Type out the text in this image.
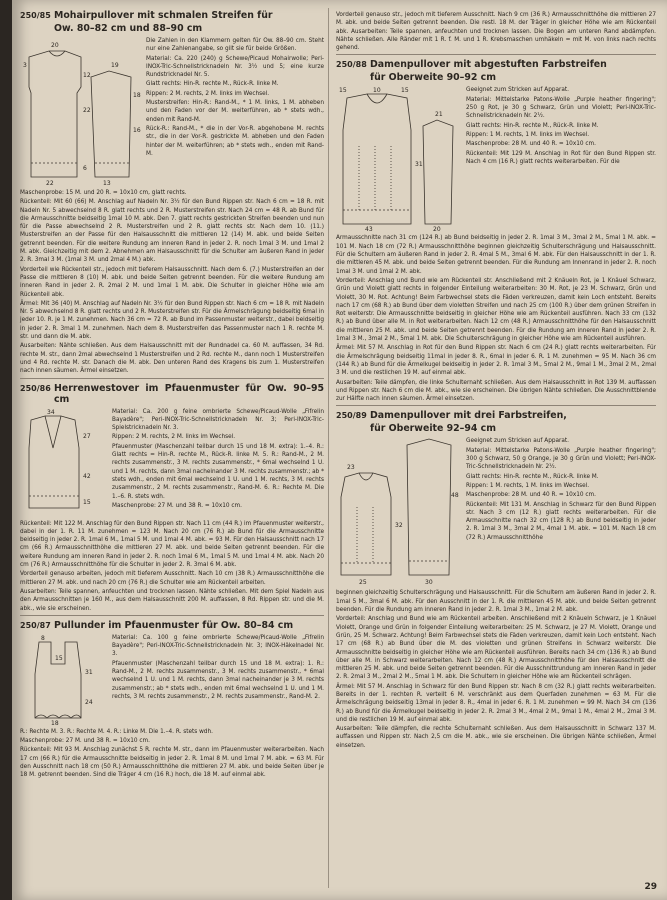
250/85 Mohairpullover mit schmalen Streifen für
Ow. 80–82 cm und 88–90 cm
20
19
12
22
6
3
18
16
13
22

Die Zahlen in den Klammern gelten für Ow. 88–90 cm. Steht nur eine Zahlenangabe, so gilt sie für beide Größen.

Material: Ca. 220 (240) g Schewe/Picaud Mohairwolle; Peri-INOX-Tric-Schnellstricknadeln Nr. 3½ und 5; eine kurze Rundstricknadel Nr. 5.

Glatt rechts: Hin-R. rechte M., Rück-R. linke M.

Rippen: 2 M. rechts, 2 M. links im Wechsel.

Musterstreifen: Hin-R.: Rand-M., * 1 M. links, 1 M. abheben und den Faden vor der M. weiterführen, ab * stets wdh., enden mit Rand-M.

Rück-R.: Rand-M., * die in der Vor-R. abgehobene M. rechts str., die in der Vor-R. gestrickte M. abheben und den Faden hinter der M. weiterführen; ab * stets wdh., enden mit Rand-M.

Maschenprobe: 15 M. und 20 R. = 10x10 cm, glatt rechts.

Rückenteil: Mit 60 (66) M. Anschlag auf Nadeln Nr. 3½ für den Bund Rippen str. Nach 6 cm = 18 R. mit Nadeln Nr. 5 abwechselnd 8 R. glatt rechts und 2 R. Musterstreifen str. Nach 24 cm = 48 R. ab Bund für die Armausschnitte beidseitig 1mal 10 M. abk. Den 7. glatt rechts gestrickten Streifen beenden und nun für die Passe abwechselnd 2 R. Musterstreifen und 2 R. glatt rechts str. Nach dem 10. (11.) Musterstreifen an der Passe für den Halsausschnitt die mittleren 12 (14) M. abk. und beide Seiten getrennt beenden. Für die weitere Rundung am inneren Rand in jeder 2. R. noch 1mal 3 M. und 1mal 2 M. abk. Gleichzeitig mit dem 2. Abnehmen am Halsausschnitt für die Schulter am äußeren Rand in jeder 2. R. 3mal 3 M. (1mal 3 M. und 2mal 4 M.) abk.

Vorderteil wie Rückenteil str., jedoch mit tieferem Halsausschnitt. Nach dem 6. (7.) Musterstreifen an der Passe die mittleren 8 (10) M. abk. und beide Seiten getrennt beenden. Für die weitere Rundung am inneren Rand in jeder 2. R. 2mal 2 M. und 1mal 1 M. abk. Die Schulter in gleicher Höhe wie am Rückenteil abk.

Ärmel: Mit 36 (40) M. Anschlag auf Nadeln Nr. 3½ für den Bund Rippen str. Nach 6 cm = 18 R. mit Nadeln Nr. 5 abwechselnd 8 R. glatt rechts und 2 R. Musterstreifen str. Für die Ärmelschrägung beidseitig 6mal in jeder 10. R. je 1 M. zunehmen. Nach 36 cm = 72 R. ab Bund im Passenmuster weiterstr., dabei beidseitig in jeder 2. R. 3mal 1 M. zunehmen. Nach dem 8. Musterstreifen das Passenmuster nach 1 R. rechte M. str. und dann die M. abk.

Ausarbeiten: Nähte schließen. Aus dem Halsausschnitt mit der Rundnadel ca. 60 M. auffassen, 34 Rd. rechte M. str., dann 2mal abwechselnd 1 Musterstreifen und 2 Rd. rechte M., dann noch 1 Musterstreifen und 4 Rd. rechte M. str. Danach die M. abk. Den unteren Rand des Kragens bis zum 1. Musterstreifen nach innen säumen. Ärmel einsetzen.

250/86 Herrenwestover im Pfauenmuster für Ow. 90–95 cm
34
27
42
15

Material: Ca. 200 g feine ombrierte Schewe/Picaud-Wolle „Fifrelin Bayadère"; Peri-INOX-Tric-Schnellstricknadeln Nr. 3; Peri-INOX-Tric-Spielstricknadeln Nr. 3.

Rippen: 2 M. rechts, 2 M. links im Wechsel.

Pfauenmuster (Maschenzahl teilbar durch 15 und 18 M. extra): 1.–4. R.: Glatt rechts = Hin-R. rechte M., Rück-R. linke M. 5. R.: Rand-M., 2 M. rechts zusammenstr., 3 M. rechts zusammenstr., * 6mal wechselnd 1 U. und 1 M. rechts, dann 3mal nacheinander 3 M. rechts zusammenstr.; ab * stets wdh., enden mit 6mal wechselnd 1 U. und 1 M. rechts, 3 M. rechts zusammenstr., 2 M. rechts zusammenstr., Rand-M. 6. R.: Rechte M. Die 1.–6. R. stets wdh.

Maschenprobe: 27 M. und 38 R. = 10x10 cm.

Rückenteil: Mit 122 M. Anschlag für den Bund Rippen str. Nach 11 cm (44 R.) im Pfauenmuster weiterstr., dabei in der 1. R. 11 M. zunehmen = 123 M. Nach 20 cm (76 R.) ab Bund für die Armausschnitte beidseitig in jeder 2. R. 1mal 6 M., 1mal 5 M. und 1mal 4 M. abk. = 93 M. Für den Halsausschnitt nach 17 cm (66 R.) Armausschnitthöhe die mittleren 27 M. abk. und beide Seiten getrennt beenden. Für die weitere Rundung am inneren Rand in jeder 2. R. noch 1mal 6 M., 1mal 5 M. und 1mal 4 M. abk. Nach 20 cm (76 R.) Armausschnitthöhe für die Schulter in jeder 2. R. 3mal 6 M. abk.

Vorderteil genauso arbeiten, jedoch mit tieferem Ausschnitt. Nach 10 cm (38 R.) Armausschnitthöhe die mittleren 27 M. abk. und nach 20 cm (76 R.) die Schulter wie am Rückenteil arbeiten.

Ausarbeiten: Teile spannen, anfeuchten und trocknen lassen. Nähte schließen. Mit dem Spiel Nadeln aus den Armausschnitten je 160 M., aus dem Halsausschnitt 200 M. auffassen, 8 Rd. Rippen str. und die M. abk., wie sie erscheinen.

250/87 Pullunder im Pfauenmuster für Ow. 80–84 cm
8
15
31
24
18

Material: Ca. 100 g feine ombrierte Schewe/Picaud-Wolle „Fifrelin Bayadère"; Peri-INOX-Tric-Schnellstricknadeln Nr. 3; INOX-Häkelnadel Nr. 3.

Pfauenmuster (Maschenzahl teilbar durch 15 und 18 M. extra): 1. R.: Rand-M., 2 M. rechts zusammenstr., 3 M. rechts zusammenstr., * 6mal wechselnd 1 U. und 1 M. rechts, dann 3mal nacheinander je 3 M. rechts zusammenstr.; ab * stets wdh., enden mit 6mal wechselnd 1 U. und 1 M. rechts, 3 M. rechts zusammenstr., 2 M. rechts zusammenstr., Rand-M. 2.

R.: Rechte M. 3. R.: Rechte M. 4. R.: Linke M. Die 1.–4. R. stets wdh.

Maschenprobe: 27 M. und 38 R. = 10x10 cm.

Rückenteil: Mit 93 M. Anschlag zunächst 5 R. rechte M. str., dann im Pfauenmuster weiterarbeiten. Nach 17 cm (66 R.) für die Armausschnitte beidseitig in jeder 2. R. 1mal 8 M. und 1mal 7 M. abk. = 63 M. Für den Ausschnitt nach 18 cm (50 R.) Armausschnitthöhe die mittleren 27 M. abk. und beide Seiten über je 18 M. getrennt beenden. Sind die Träger 4 cm (16 R.) hoch, die 18 M. auf einmal abk.

Vorderteil genauso str., jedoch mit tieferem Ausschnitt. Nach 9 cm (36 R.) Armausschnitthöhe die mittleren 27 M. abk. und beide Seiten getrennt beenden. Die restl. 18 M. der Träger in gleicher Höhe wie am Rückenteil abk. Ausarbeiten: Teile spannen, anfeuchten und trocknen lassen. Die Bogen am unteren Rand abdämpfen. Nähte schließen. Alle Ränder mit 1 R. f. M. und 1 R. Krebsmaschen umhäkeln = mit M. von links nach rechts gehend.

250/88 Damenpullover mit abgestuften Farbstreifen
für Oberweite 90–92 cm
15	10	15
31
21
43	20

Geeignet zum Stricken auf Apparat.

Material: Mittelstarke Patons-Wolle „Purple heather fingering"; 250 g Rot, je 30 g Schwarz, Grün und Violett; Peri-INOX-Tric-Schnellstricknadeln Nr. 2½.

Glatt rechts: Hin-R. rechte M., Rück-R. linke M.

Rippen: 1 M. rechts, 1 M. links im Wechsel.

Maschenprobe: 28 M. und 40 R. = 10x10 cm.

Rückenteil: Mit 129 M. Anschlag in Rot für den Bund Rippen str. Nach 4 cm (16 R.) glatt rechts weiterarbeiten. Für die

Armausschnitte nach 31 cm (124 R.) ab Bund beidseitig in jeder 2. R. 1mal 3 M., 3mal 2 M., 5mal 1 M. abk. = 101 M. Nach 18 cm (72 R.) Armausschnitthöhe beginnen gleichzeitig Schulterschrägung und Halsausschnitt. Für die Schultern am äußeren Rand in jeder 2. R. 4mal 5 M., 3mal 6 M. abk. Für den Halsausschnitt in der 1. R. die mittleren 45 M. abk. und beide Seiten getrennt beenden. Für die Rundung am Innenrand in jeder 2. R. noch 1mal 3 M. und 1mal 2 M. abk.

Vorderteil: Anschlag und Bund wie am Rückenteil str. Anschließend mit 2 Knäueln Rot, je 1 Knäuel Schwarz, Grün und Violett glatt rechts in folgender Einteilung weiterarbeiten: 30 M. Rot, je 23 M. Schwarz, Grün und Violett, 30 M. Rot. Achtung! Beim Farbwechsel stets die Fäden verkreuzen, damit kein Loch entsteht. Bereits nach 17 cm (68 R.) ab Bund über dem violetten Streifen und nach 25 cm (100 R.) über dem grünen Streifen in Rot weiterstr. Die Armausschnitte beidseitig in gleicher Höhe wie am Rückenteil ausführen. Nach 33 cm (132 R.) ab Bund über alle M. in Rot weiterarbeiten. Nach 12 cm (48 R.) Armausschnitthöhe für den Halsausschnitt die mittleren 25 M. abk. und beide Seiten getrennt beenden. Für die Rundung am inneren Rand in jeder 2. R. 1mal 3 M., 3mal 2 M., 5mal 1 M. abk. Die Schulterschrägung in gleicher Höhe wie am Rückenteil ausführen.

Ärmel: Mit 57 M. Anschlag in Rot für den Bund Rippen str. Nach 6 cm (24 R.) glatt rechts weiterarbeiten. Für die Ärmelschrägung beidseitig 11mal in jeder 8. R., 6mal in jeder 6. R. 1 M. zunehmen = 95 M. Nach 36 cm (144 R.) ab Bund für die Ärmelkugel beidseitig in jeder 2. R. 1mal 3 M., 5mal 2 M., 9mal 1 M., 3mal 2 M., 2mal 3 M. und die restlichen 19 M. auf einmal abk.

Ausarbeiten: Teile dämpfen, die linke Schulternaht schließen. Aus dem Halsausschnitt in Rot 139 M. auffassen und Rippen str. Nach 6 cm die M. abk., wie sie erscheinen. Die übrigen Nähte schließen. Die Ausschnittblende zur Hälfte nach innen säumen. Ärmel einsetzen.

250/89 Damenpullover mit drei Farbstreifen,
für Oberweite 92–94 cm
23
32
25
48
30

Geeignet zum Stricken auf Apparat.

Material: Mittelstarke Patons-Wolle „Purple heather fingering"; 300 g Schwarz, 50 g Orange, je 30 g Grün und Violett; Peri-INOX-Tric-Schnellstricknadeln Nr. 2½.

Glatt rechts: Hin-R. rechte M., Rück-R. linke M.

Rippen: 1 M. rechts, 1 M. links im Wechsel.

Maschenprobe: 28 M. und 40 R. = 10x10 cm.

Rückenteil: Mit 131 M. Anschlag in Schwarz für den Bund Rippen str. Nach 3 cm (12 R.) glatt rechts weiterarbeiten. Für die Armausschnitte nach 32 cm (128 R.) ab Bund beidseitig in jeder 2. R. 1mal 3 M., 3mal 2 M., 4mal 1 M. abk. = 101 M. Nach 18 cm (72 R.) Armausschnitthöhe

beginnen gleichzeitig Schulterschrägung und Halsausschnitt. Für die Schultern am äußeren Rand in jeder 2. R. 1mal 5 M., 3mal 6 M. abk. Für den Ausschnitt in der 1. R. die mittleren 45 M. abk. und beide Seiten getrennt beenden. Für die Rundung am inneren Rand in jeder 2. R. 1mal 3 M., 1mal 2 M. abk.

Vorderteil: Anschlag und Bund wie am Rückenteil arbeiten. Anschließend mit 2 Knäueln Schwarz, je 1 Knäuel Violett, Orange und Grün in folgender Einteilung weiterarbeiten: 25 M. Schwarz, je 27 M. Violett, Orange und Grün, 25 M. Schwarz. Achtung! Beim Farbwechsel stets die Fäden verkreuzen, damit kein Loch entsteht. Nach 17 cm (68 R.) ab Bund über die M. des violetten und grünen Streifens in Schwarz weiterstr. Die Armausschnitte beidseitig in gleicher Höhe wie am Rückenteil ausführen. Bereits nach 34 cm (136 R.) ab Bund über alle M. in Schwarz weiterarbeiten. Nach 12 cm (48 R.) Armausschnitthöhe für den Halsausschnitt die mittleren 25 M. abk. und beide Seiten getrennt beenden. Für die Ausschnittrundung am inneren Rand in jeder 2. R. 2mal 3 M., 2mal 2 M., 5mal 1 M. abk. Die Schultern in gleicher Höhe wie am Rückenteil schrägen.

Ärmel: Mit 57 M. Anschlag in Schwarz für den Bund Rippen str. Nach 8 cm (32 R.) glatt rechts weiterarbeiten. Bereits in der 1. rechten R. verteilt 6 M. verschränkt aus dem Querfaden zunehmen = 63 M. Für die Ärmelschrägung beidseitig 13mal in jeder 8. R., 4mal in jeder 6. R. 1 M. zunehmen = 99 M. Nach 34 cm (136 R.) ab Bund für die Ärmelkugel beidseitig in jeder 2. R. 2mal 3 M., 4mal 2 M., 9mal 1 M., 4mal 2 M., 2mal 3 M. und die restlichen 19 M. auf einmal abk.

Ausarbeiten: Teile dämpfen, die rechte Schulternaht schließen. Aus dem Halsausschnitt in Schwarz 137 M. auffassen und Rippen str. Nach 2,5 cm die M. abk., wie sie erscheinen. Die übrigen Nähte schließen, Ärmel einsetzen.

29
